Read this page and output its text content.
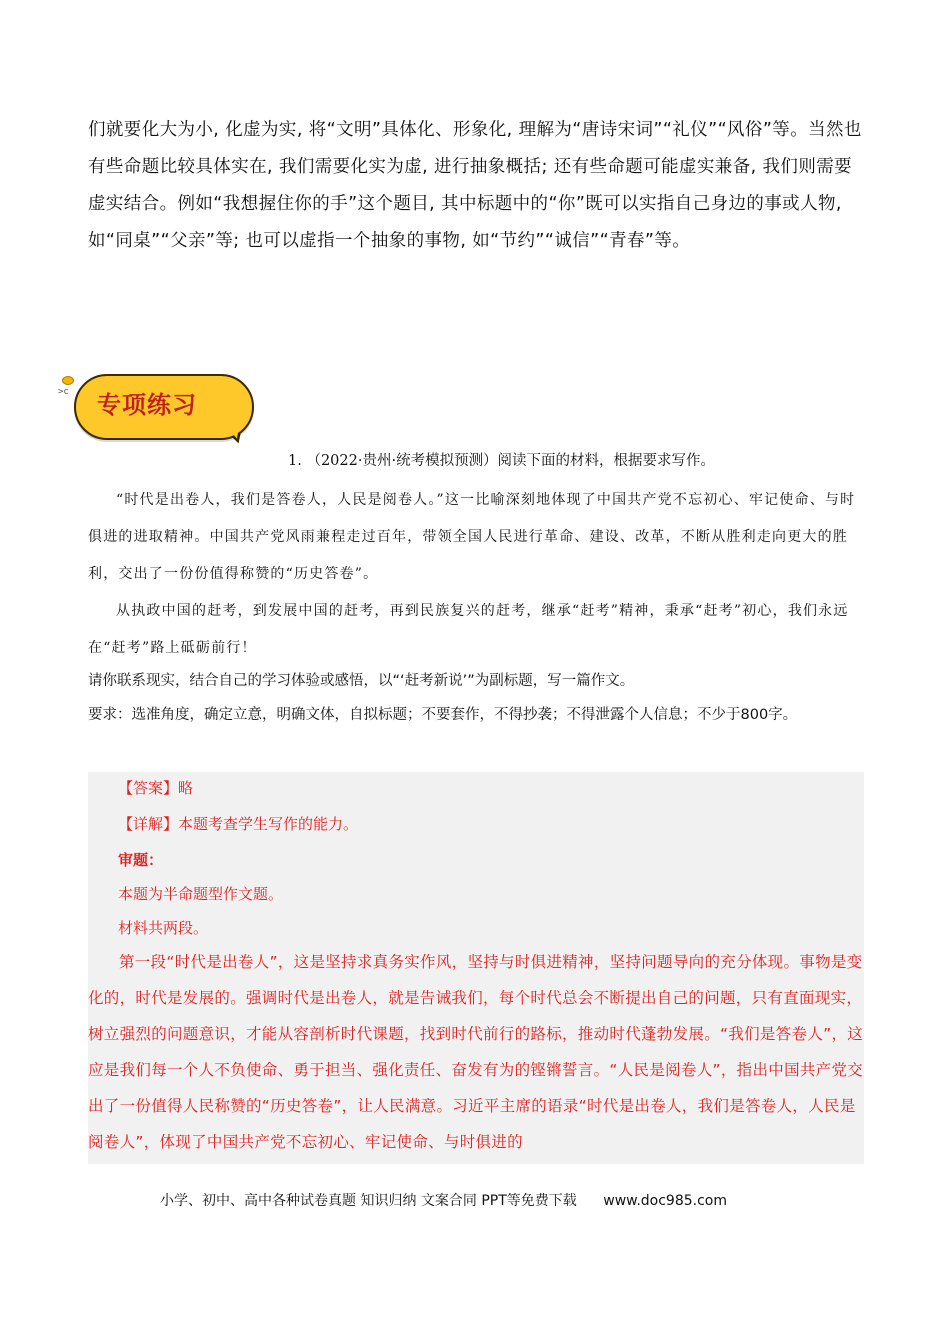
们就要化大为小, 化虚为实, 将“文明”具体化、形象化, 理解为“唐诗宋词”“礼仪”“风俗”等。当然也有些命题比较具体实在, 我们需要化实为虚, 进行抽象概括; 还有些命题可能虚实兼备, 我们则需要虚实结合。例如“我想握住你的手”这个题目, 其中标题中的“你”既可以实指自己身边的事或人物, 如“同桌”“父亲”等; 也可以虚指一个抽象的事物, 如“节约”“诚信”“青春”等。

>c	专项练习
1. （2022·贵州·统考模拟预测）阅读下面的材料，根据要求写作。

“时代是出卷人，我们是答卷人，人民是阅卷人。”这一比喻深刻地体现了中国共产党不忘初心、牢记使命、与时俱进的进取精神。中国共产党风雨兼程走过百年，带领全国人民进行革命、建设、改革，不断从胜利走向更大的胜利，交出了一份份值得称赞的“历史答卷”。

从执政中国的赶考，到发展中国的赶考，再到民族复兴的赶考，继承“赶考”精神，秉承“赶考”初心，我们永远在“赶考”路上砥砺前行！

请你联系现实，结合自己的学习体验或感悟，以“‘赶考新说’”为副标题，写一篇作文。
要求：选准角度，确定立意，明确文体，自拟标题；不要套作，不得抄袭；不得泄露个人信息；不少于800字。
【答案】略
【详解】本题考查学生写作的能力。
审题：
本题为半命题型作文题。
材料共两段。

第一段“时代是出卷人”，这是坚持求真务实作风，坚持与时俱进精神，坚持问题导向的充分体现。事物是变化的，时代是发展的。强调时代是出卷人，就是告诫我们，每个时代总会不断提出自己的问题，只有直面现实，树立强烈的问题意识，才能从容剖析时代课题，找到时代前行的路标，推动时代蓬勃发展。“我们是答卷人”，这应是我们每一个人不负使命、勇于担当、强化责任、奋发有为的铿锵誓言。“人民是阅卷人”，指出中国共产党交出了一份值得人民称赞的“历史答卷”，让人民满意。习近平主席的语录“时代是出卷人，我们是答卷人，人民是阅卷人”，体现了中国共产党不忘初心、牢记使命、与时俱进的

小学、初中、高中各种试卷真题 知识归纳 文案合同 PPT等免费下载 www.doc985.com
